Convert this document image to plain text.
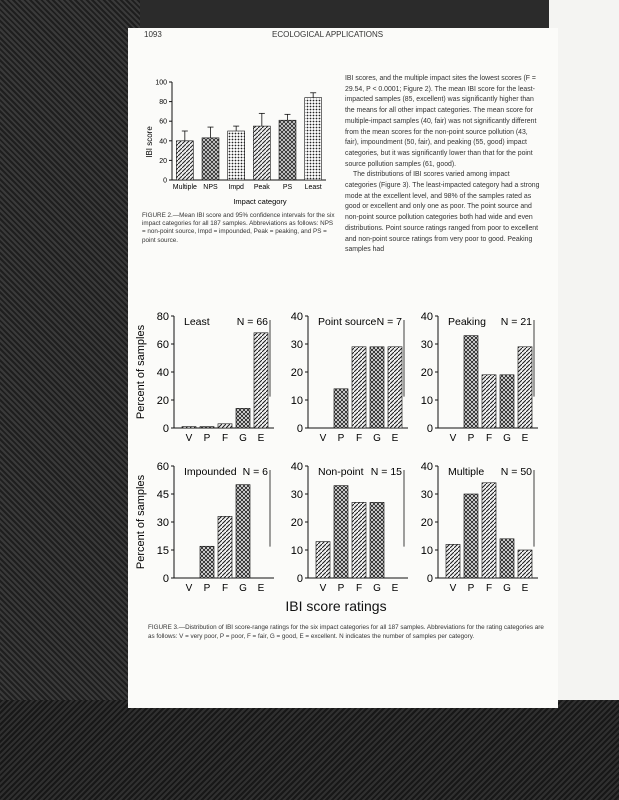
1093	ECOLOGICAL APPLICATIONS
0
20
40
60
80
100
Multiple NPS Impd Peak PS Least
IBI score
Impact category
FIGURE 2.—Mean IBI score and 95% confidence intervals for the six impact categories for all 187 samples. Abbreviations as follows: NPS = non-point source, Impd = impounded, Peak = peaking, and PS = point source.

IBI scores, and the multiple impact sites the lowest scores (F = 29.54, P < 0.0001; Figure 2). The mean IBI score for the least-impacted samples (85, excellent) was significantly higher than the means for all other impact categories. The mean score for multiple-impact samples (40, fair) was not significantly different from the mean scores for the non-point source pollution (43, fair), impoundment (50, fair), and peaking (55, good) impact categories, but it was significantly lower than that for the point source pollution samples (61, good).

The distributions of IBI scores varied among impact categories (Figure 3). The least-impacted category had a strong mode at the excellent level, and 98% of the samples rated as good or excellent and only one as poor. The point source and non-point source pollution categories both had wide and even distributions. Point source ratings ranged from poor to excellent and non-point source ratings from very poor to good. Peaking samples had

0
20
40
60
80
V P F G E
Least	N = 66
Percent of samples
0
10
20
30
40
V P F G E
Point source N = 7
0
10
20
30
40
V P F G E
Peaking N = 21
0
15
30
45
60
V P F G E
Impounded N = 6
Percent of samples
0
10
20
30
40
V P F G E
Non-point N = 15
0
10
20
30
40
V P F G E
Multiple N = 50
IBI score ratings
FIGURE 3.—Distribution of IBI score-range ratings for the six impact categories for all 187 samples. Abbreviations for the rating categories are as follows: V = very poor, P = poor, F = fair, G = good, E = excellent. N indicates the number of samples per category.
